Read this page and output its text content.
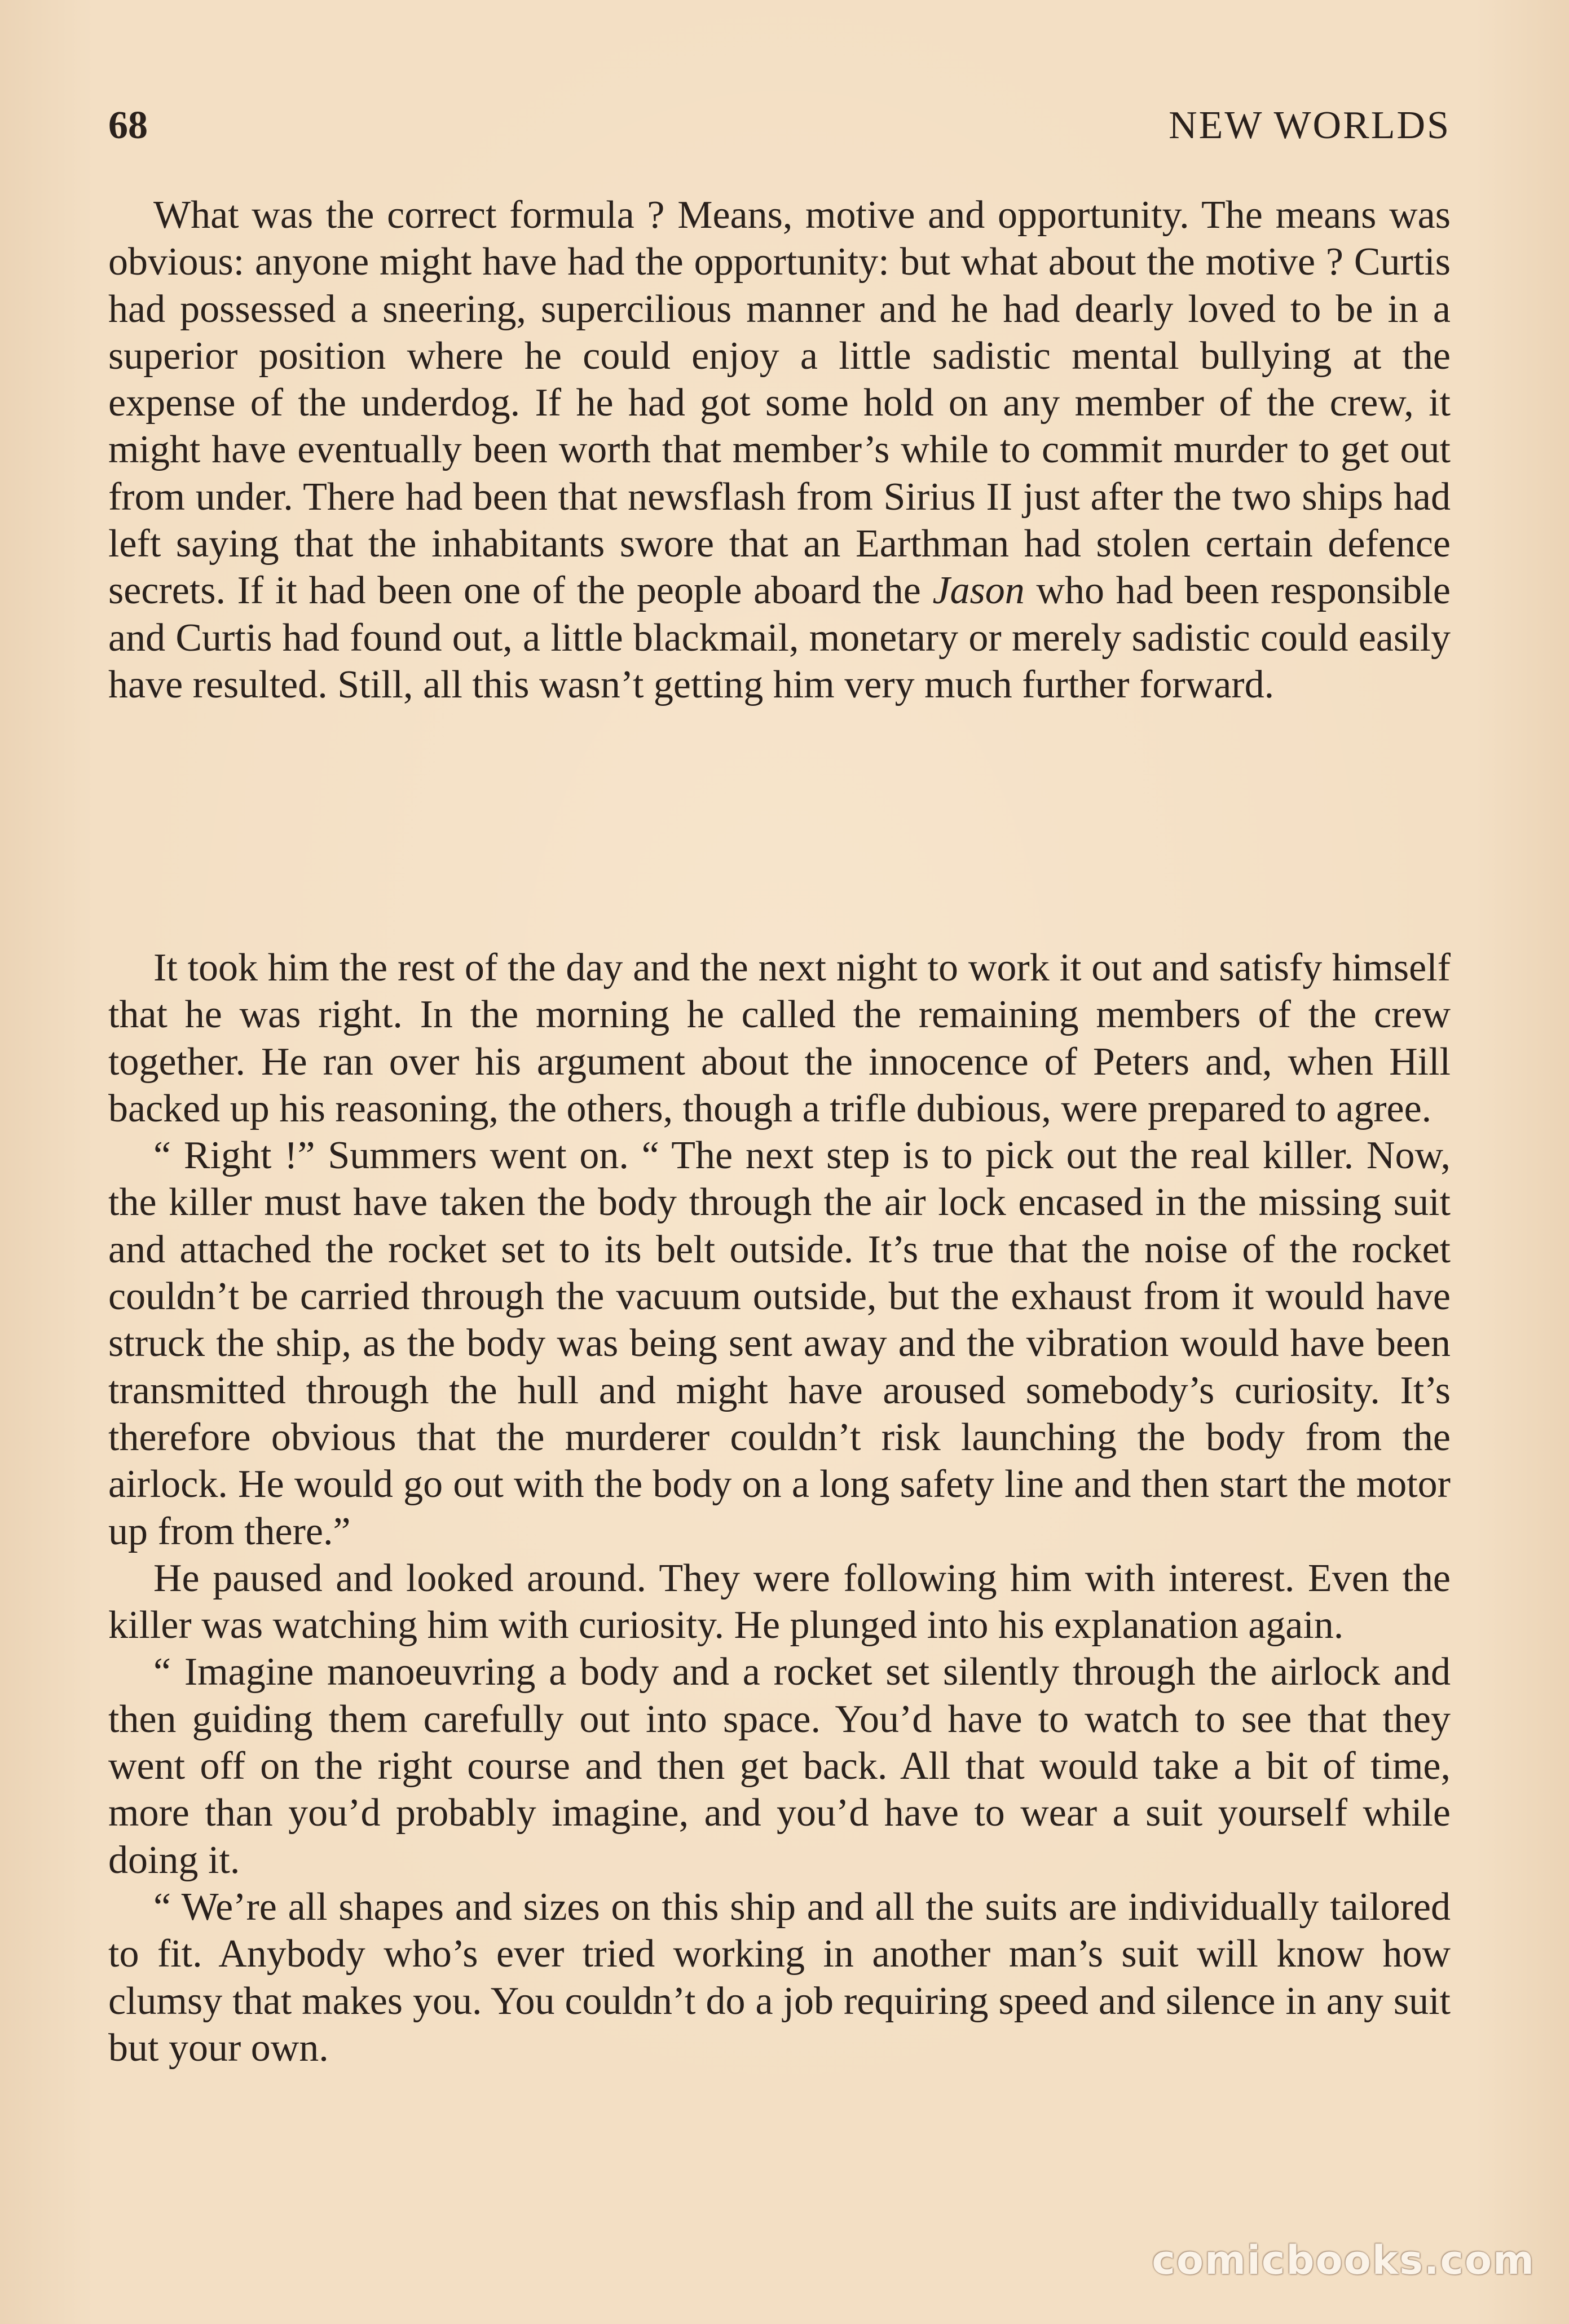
68	NEW WORLDS

What was the correct formula ? Means, motive and opportunity. The means was obvious: anyone might have had the opportunity: but what about the motive ? Curtis had possessed a sneering, supercilious manner and he had dearly loved to be in a superior position where he could enjoy a little sadistic mental bullying at the expense of the underdog. If he had got some hold on any member of the crew, it might have eventually been worth that member’s while to commit murder to get out from under. There had been that newsflash from Sirius II just after the two ships had left saying that the inhabitants swore that an Earthman had stolen certain defence secrets. If it had been one of the people aboard the Jason who had been responsible and Curtis had found out, a little blackmail, monetary or merely sadistic could easily have resulted. Still, all this wasn’t getting him very much further forward.

It took him the rest of the day and the next night to work it out and satisfy himself that he was right. In the morning he called the remaining members of the crew together. He ran over his argument about the innocence of Peters and, when Hill backed up his reasoning, the others, though a trifle dubious, were prepared to agree.

“ Right !” Summers went on. “ The next step is to pick out the real killer. Now, the killer must have taken the body through the air lock encased in the missing suit and attached the rocket set to its belt outside. It’s true that the noise of the rocket couldn’t be carried through the vacuum outside, but the exhaust from it would have struck the ship, as the body was being sent away and the vibration would have been transmitted through the hull and might have aroused somebody’s curiosity. It’s therefore obvious that the murderer couldn’t risk launching the body from the airlock. He would go out with the body on a long safety line and then start the motor up from there.”

He paused and looked around. They were following him with interest. Even the killer was watching him with curiosity. He plunged into his explanation again.

“ Imagine manoeuvring a body and a rocket set silently through the airlock and then guiding them carefully out into space. You’d have to watch to see that they went off on the right course and then get back. All that would take a bit of time, more than you’d probably imagine, and you’d have to wear a suit yourself while doing it.

“ We’re all shapes and sizes on this ship and all the suits are individually tailored to fit. Anybody who’s ever tried working in another man’s suit will know how clumsy that makes you. You couldn’t do a job requiring speed and silence in any suit but your own.

comicbooks.com
